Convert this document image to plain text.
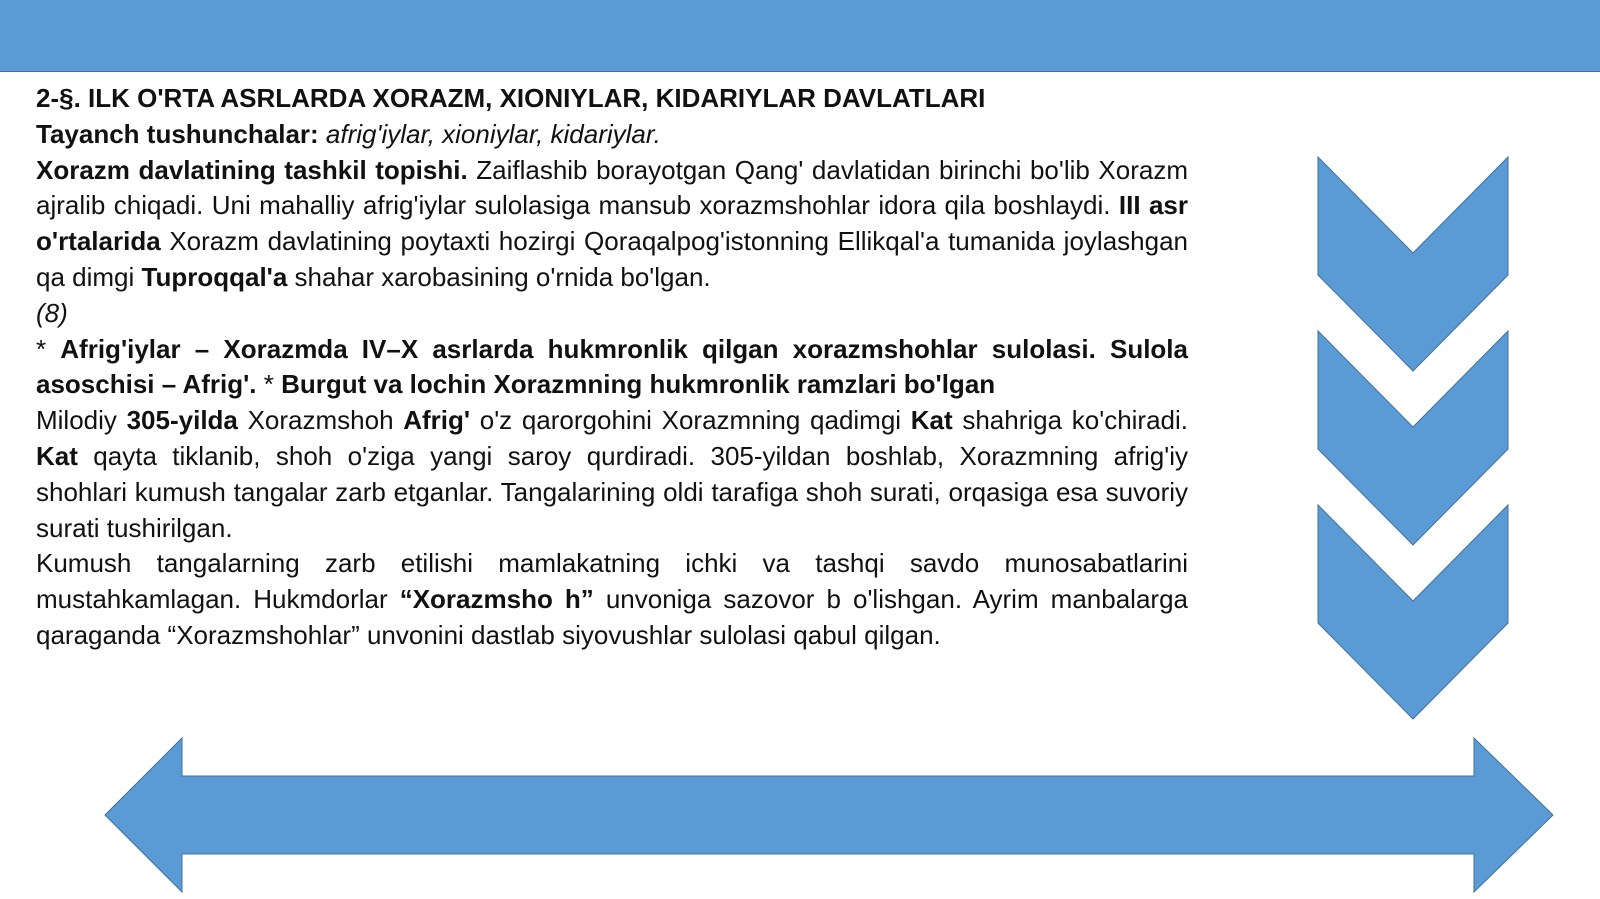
2-§. ILK O'RTA ASRLARDA XORAZM, XIONIYLAR, KIDARIYLAR DAVLATLARI
Tayanch tushunchalar: afrig'iylar, xioniylar, kidariylar.
Xorazm davlatining tashkil topishi. Zaiflashib borayotgan Qang' davlatidan birinchi bo'lib Xorazm ajralib chiqadi. Uni mahalliy afrig'iylar sulolasiga mansub xorazmshohlar idora qila boshlaydi. III asr o'rtalarida Xorazm davlatining poytaxti hozirgi Qoraqalpog'istonning Ellikqal'a tumanida joylashgan qa dimgi Tuproqqal'a shahar xarobasining o'rnida bo'lgan.
(8)
* Afrig'iylar – Xorazmda IV–X asrlarda hukmronlik qilgan xorazmshohlar sulolasi. Sulola asoschisi – Afrig'. * Burgut va lochin Xorazmning hukmronlik ramzlari bo'lgan
Milodiy 305-yilda Xorazmshoh Afrig' o'z qarorgohini Xorazmning qadimgi Kat shahriga ko'chiradi. Kat qayta tiklanib, shoh o'ziga yangi saroy qurdiradi. 305-yildan boshlab, Xorazmning afrig'iy shohlari kumush tangalar zarb etganlar. Tangalarining oldi tarafiga shoh surati, orqasiga esa suvoriy surati tushirilgan.
Kumush tangalarning zarb etilishi mamlakatning ichki va tashqi savdo munosabatlarini mustahkamlagan. Hukmdorlar “Xorazmsho h” unvoniga sazovor b o'lishgan. Ayrim manbalarga qaraganda “Xorazmshohlar” unvonini dastlab siyovushlar sulolasi qabul qilgan.
